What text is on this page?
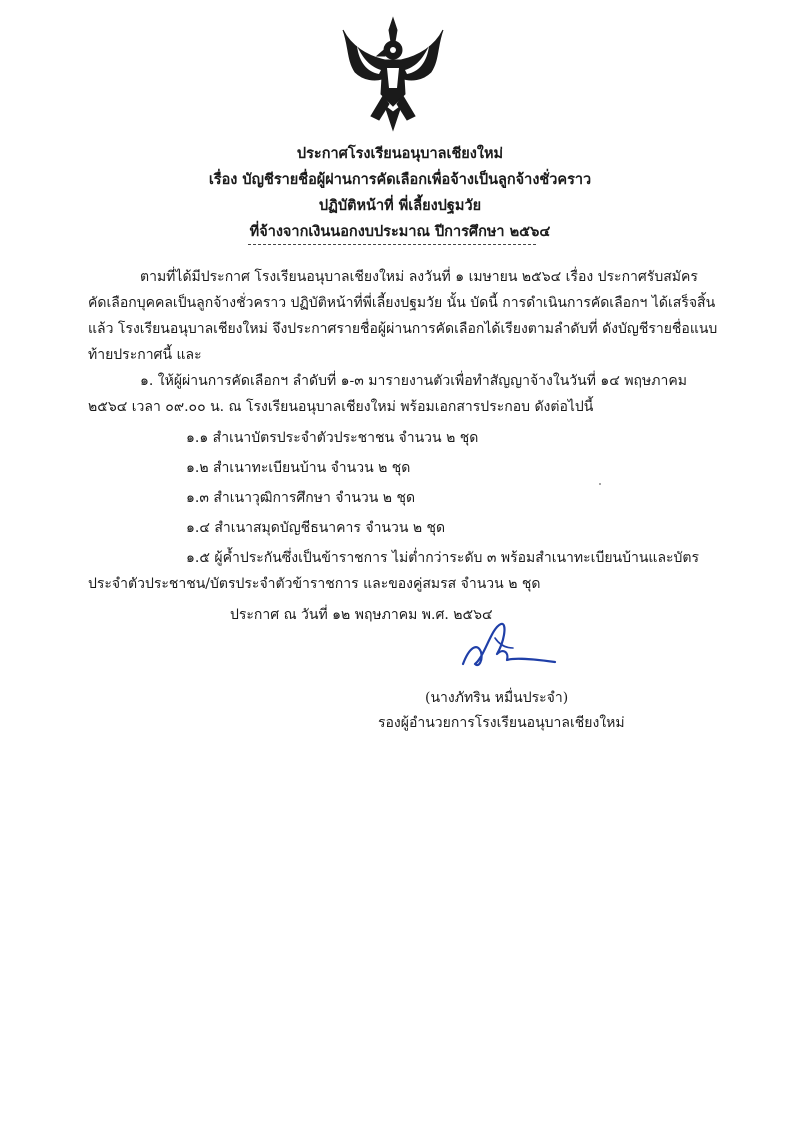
ประกาศโรงเรียนอนุบาลเชียงใหม่
เรื่อง บัญชีรายชื่อผู้ผ่านการคัดเลือกเพื่อจ้างเป็นลูกจ้างชั่วคราว
ปฏิบัติหน้าที่ พี่เลี้ยงปฐมวัย
ที่จ้างจากเงินนอกงบประมาณ ปีการศึกษา ๒๕๖๔
ตามที่ได้มีประกาศ โรงเรียนอนุบาลเชียงใหม่ ลงวันที่ ๑ เมษายน ๒๕๖๔ เรื่อง ประกาศรับสมัคร
คัดเลือกบุคคลเป็นลูกจ้างชั่วคราว ปฏิบัติหน้าที่พี่เลี้ยงปฐมวัย นั้น บัดนี้ การดำเนินการคัดเลือกฯ ได้เสร็จสิ้น
แล้ว โรงเรียนอนุบาลเชียงใหม่ จึงประกาศรายชื่อผู้ผ่านการคัดเลือกได้เรียงตามลำดับที่ ดังบัญชีรายชื่อแนบ
ท้ายประกาศนี้ และ
๑. ให้ผู้ผ่านการคัดเลือกฯ ลำดับที่ ๑-๓ มารายงานตัวเพื่อทำสัญญาจ้างในวันที่ ๑๔ พฤษภาคม
๒๕๖๔ เวลา ๐๙.๐๐ น. ณ โรงเรียนอนุบาลเชียงใหม่ พร้อมเอกสารประกอบ ดังต่อไปนี้
๑.๑ สำเนาบัตรประจำตัวประชาชน จำนวน ๒ ชุด
๑.๒ สำเนาทะเบียนบ้าน จำนวน ๒ ชุด
๑.๓ สำเนาวุฒิการศึกษา จำนวน ๒ ชุด
๑.๔ สำเนาสมุดบัญชีธนาคาร จำนวน ๒ ชุด
๑.๕ ผู้ค้ำประกันซึ่งเป็นข้าราชการ ไม่ต่ำกว่าระดับ ๓ พร้อมสำเนาทะเบียนบ้านและบัตร
ประจำตัวประชาชน/บัตรประจำตัวข้าราชการ และของคู่สมรส จำนวน ๒ ชุด
ประกาศ ณ วันที่ ๑๒ พฤษภาคม พ.ศ. ๒๕๖๔
(นางภัทริน หมื่นประจำ)
รองผู้อำนวยการโรงเรียนอนุบาลเชียงใหม่
